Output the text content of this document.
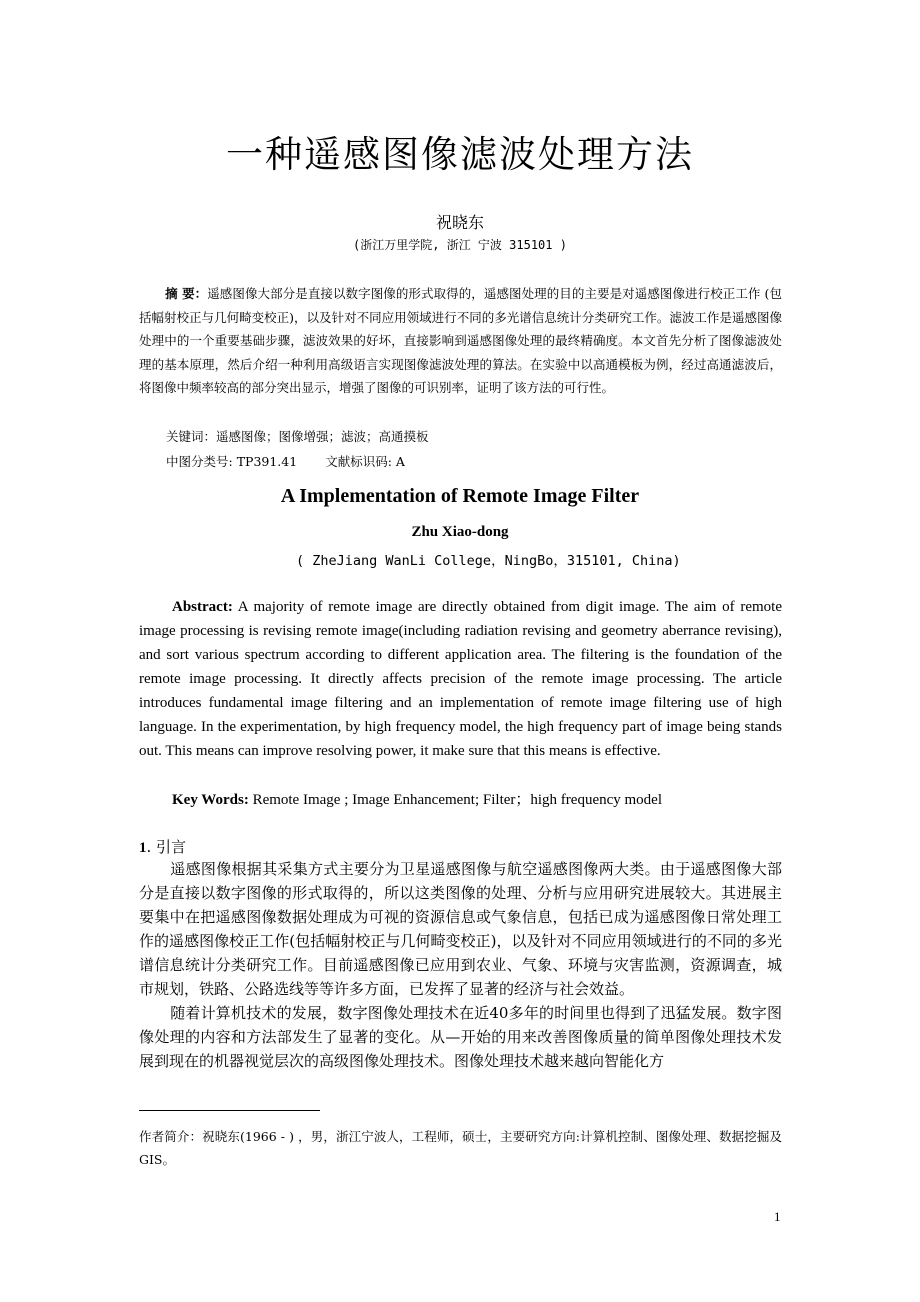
一种遥感图像滤波处理方法
祝晓东
(浙江万里学院, 浙江 宁波 315101 )
摘 要：遥感图像大部分是直接以数字图像的形式取得的，遥感图处理的目的主要是对遥感图像进行校正工作 (包括幅射校正与几何畸变校正)，以及针对不同应用领域进行不同的多光谱信息统计分类研究工作。滤波工作是遥感图像处理中的一个重要基础步骤，滤波效果的好坏，直接影响到遥感图像处理的最终精确度。本文首先分析了图像滤波处理的基本原理，然后介绍一种利用高级语言实现图像滤波处理的算法。在实验中以高通模板为例，经过高通滤波后，将图像中频率较高的部分突出显示，增强了图像的可识别率，证明了该方法的可行性。
关键词：遥感图像；图像增强；滤波；高通摸板
中图分类号: TP391.41 文献标识码: A
A Implementation of Remote Image Filter
Zhu Xiao-dong
( ZheJiang WanLi College，NingBo，315101, China)
Abstract: A majority of remote image are directly obtained from digit image. The aim of remote image processing is revising remote image(including radiation revising and geometry aberrance revising), and sort various spectrum according to different application area. The filtering is the foundation of the remote image processing. It directly affects precision of the remote image processing. The article introduces fundamental image filtering and an implementation of remote image filtering use of high language. In the experimentation, by high frequency model, the high frequency part of image being stands out. This means can improve resolving power, it make sure that this means is effective.
Key Words: Remote Image ; Image Enhancement; Filter；high frequency model
1. 引言

遥感图像根据其采集方式主要分为卫星遥感图像与航空遥感图像两大类。由于遥感图像大部分是直接以数字图像的形式取得的，所以这类图像的处理、分析与应用研究进展较大。其进展主要集中在把遥感图像数据处理成为可视的资源信息或气象信息，包括已成为遥感图像日常处理工作的遥感图像校正工作(包括幅射校正与几何畸变校正)，以及针对不同应用领域进行的不同的多光谱信息统计分类研究工作。目前遥感图像已应用到农业、气象、环境与灾害监测，资源调查，城市规划，铁路、公路选线等等许多方面，已发挥了显著的经济与社会效益。

随着计算机技术的发展，数字图像处理技术在近40多年的时间里也得到了迅猛发展。数字图像处理的内容和方法部发生了显著的变化。从—开始的用来改善图像质量的简单图像处理技术发展到现在的机器视觉层次的高级图像处理技术。图像处理技术越来越向智能化方

作者简介：祝晓东(1966 - ) ，男，浙江宁波人，工程师，硕士，主要研究方向:计算机控制、图像处理、数据挖掘及 GIS。
1
